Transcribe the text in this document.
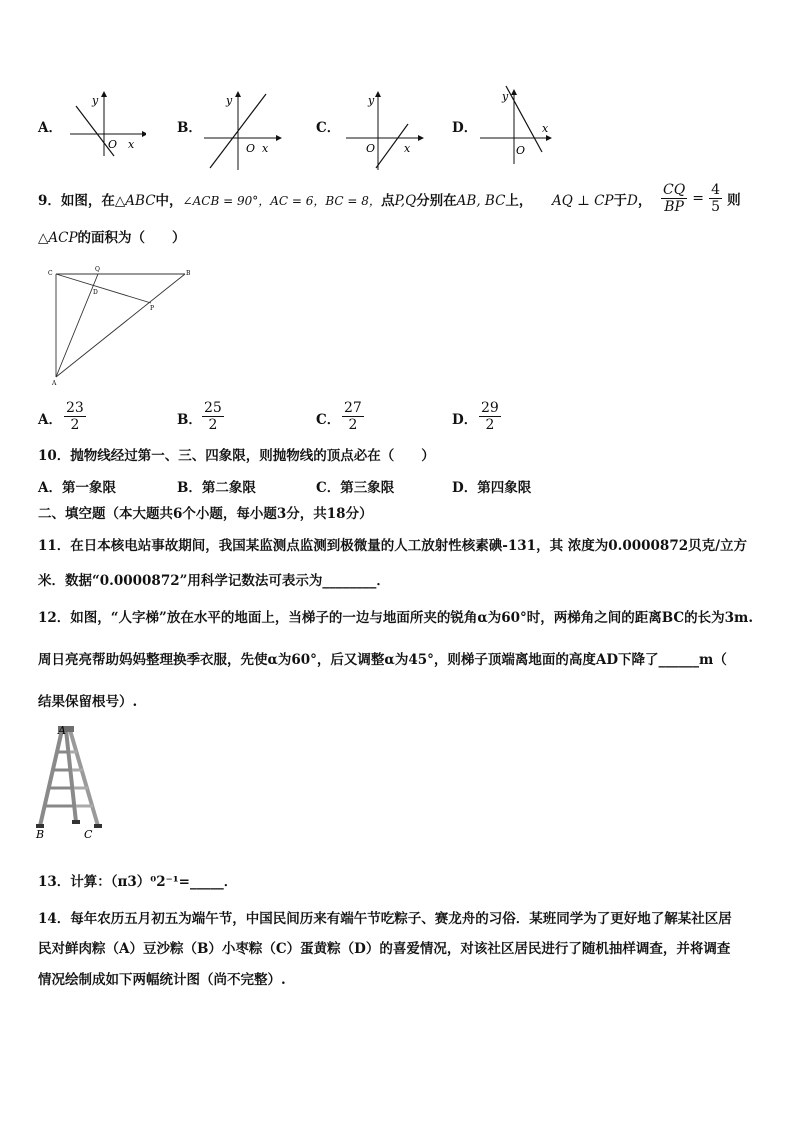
A．
y
O x
B．
y
O x
C．
y
O	x
D．
y
O
x
9．如图，在△ABC中，∠ACB = 90°，AC = 6，BC = 8，点P,Q分别在AB, BC上， AQ ⊥ CP于D， $\frac{CQ}{BP} = \frac{4}{5}$ 则
△ACP的面积为（　　）
C
Q
B
D
P
A
A． $\frac{23}{2}$	B． $\frac{25}{2}$	C． $\frac{27}{2}$	D． $\frac{29}{2}$
10．抛物线经过第一、三、四象限，则抛物线的顶点必在（　　）
A．第一象限	B．第二象限	C．第三象限	D．第四象限
二、填空题（本大题共6个小题，每小题3分，共18分）
11．在日本核电站事故期间，我国某监测点监测到极微量的人工放射性核素碘-131，其 浓度为0.0000872贝克/立方
米．数据“0.0000872”用科学记数法可表示为________．
12．如图，“人字梯”放在水平的地面上，当梯子的一边与地面所夹的锐角α为60°时，两梯角之间的距离BC的长为3m.
周日亮亮帮助妈妈整理换季衣服，先使α为60°，后又调整α为45°，则梯子顶端离地面的高度AD下降了______m（
结果保留根号）.
A
B	C
13．计算：（π3）⁰2⁻¹=_____．
14．每年农历五月初五为端午节，中国民间历来有端午节吃粽子、赛龙舟的习俗．某班同学为了更好地了解某社区居
民对鲜肉粽（A）豆沙粽（B）小枣粽（C）蛋黄粽（D）的喜爱情况，对该社区居民进行了随机抽样调查，并将调查
情况绘制成如下两幅统计图（尚不完整）.
